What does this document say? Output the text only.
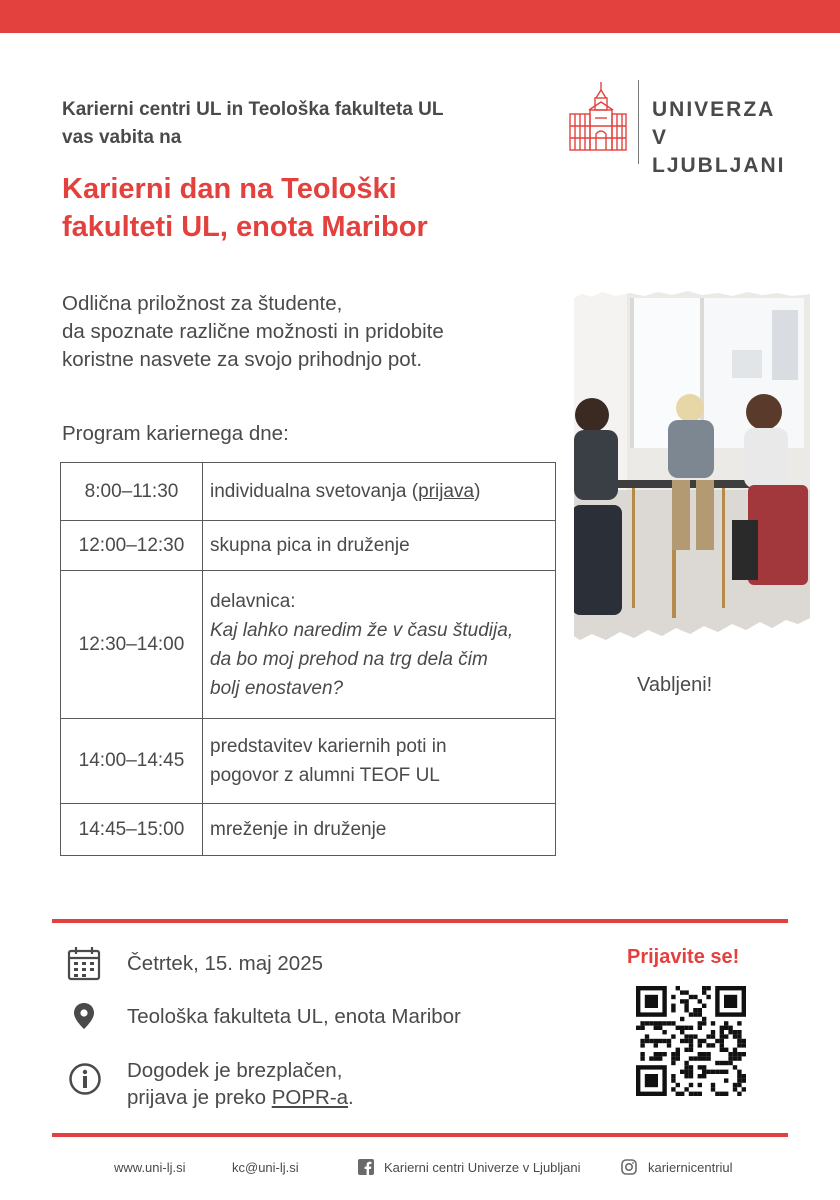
Karierni centri UL in Teološka fakulteta UL
vas vabita na
Karierni dan na Teološki
fakulteti UL, enota Maribor
UNIVERZA
V LJUBLJANI
Odlična priložnost za študente,
da spoznate različne možnosti in pridobite
koristne nasvete za svojo prihodnjo pot.
Program kariernega dne:
8:00–11:30	individualna svetovanja (prijava)
12:00–12:30	skupna pica in druženje
12:30–14:00	delavnica:
Kaj lahko naredim že v času študija,
da bo moj prehod na trg dela čim
bolj enostaven?

14:00–14:45	predstavitev kariernih poti in
pogovor z alumni TEOF UL

14:45–15:00	mreženje in druženje
Vabljeni!
Četrtek, 15. maj 2025
Teološka fakulteta UL, enota Maribor
Dogodek je brezplačen,
prijava je preko POPR-a.
Prijavite se!
www.uni-lj.si	kc@uni-lj.si	Karierni centri Univerze v Ljubljani	kariernicentriul
